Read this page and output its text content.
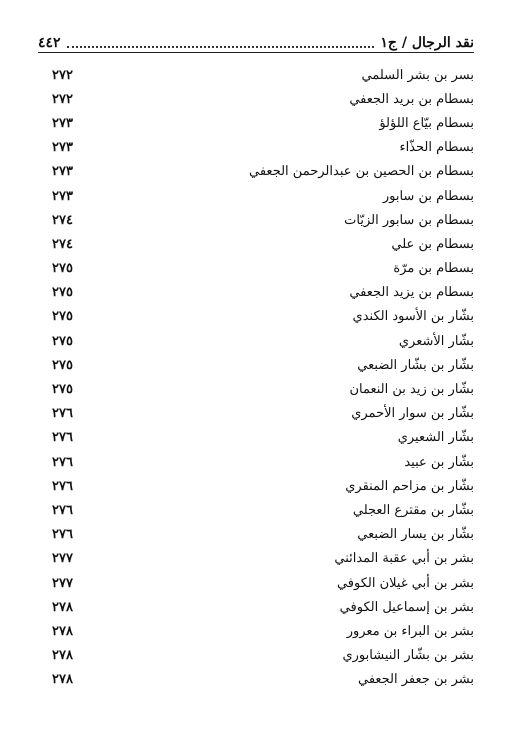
نقد الرجال / ج١
٤٤٢
بسر بن بشر السلمي
٢٧٢
بسطام بن بريد الجعفي
٢٧٢
بسطام بيّاع اللؤلؤ
٢٧٣
بسطام الحذّاء
٢٧٣
بسطام بن الحصين بن عبدالرحمن الجعفي
٢٧٣
بسطام بن سابور
٢٧٣
بسطام بن سابور الزيّات
٢٧٤
بسطام بن علي
٢٧٤
بسطام بن مرّة
٢٧٥
بسطام بن يزيد الجعفي
٢٧٥
بشّار بن الأسود الكندي
٢٧٥
بشّار الأشعري
٢٧٥
بشّار بن بشّار الضبعي
٢٧٥
بشّار بن زيد بن النعمان
٢٧٥
بشّار بن سوار الأحمري
٢٧٦
بشّار الشعيري
٢٧٦
بشّار بن عبيد
٢٧٦
بشّار بن مزاحم المنقري
٢٧٦
بشّار بن مقترع العجلي
٢٧٦
بشّار بن يسار الضبعي
٢٧٦
بشر بن أبي عقبة المدائني
٢٧٧
بشر بن أبي غيلان الكوفي
٢٧٧
بشر بن إسماعيل الكوفي
٢٧٨
بشر بن البراء بن معرور
٢٧٨
بشر بن بشّار النيشابوري
٢٧٨
بشر بن جعفر الجعفي
٢٧٨
